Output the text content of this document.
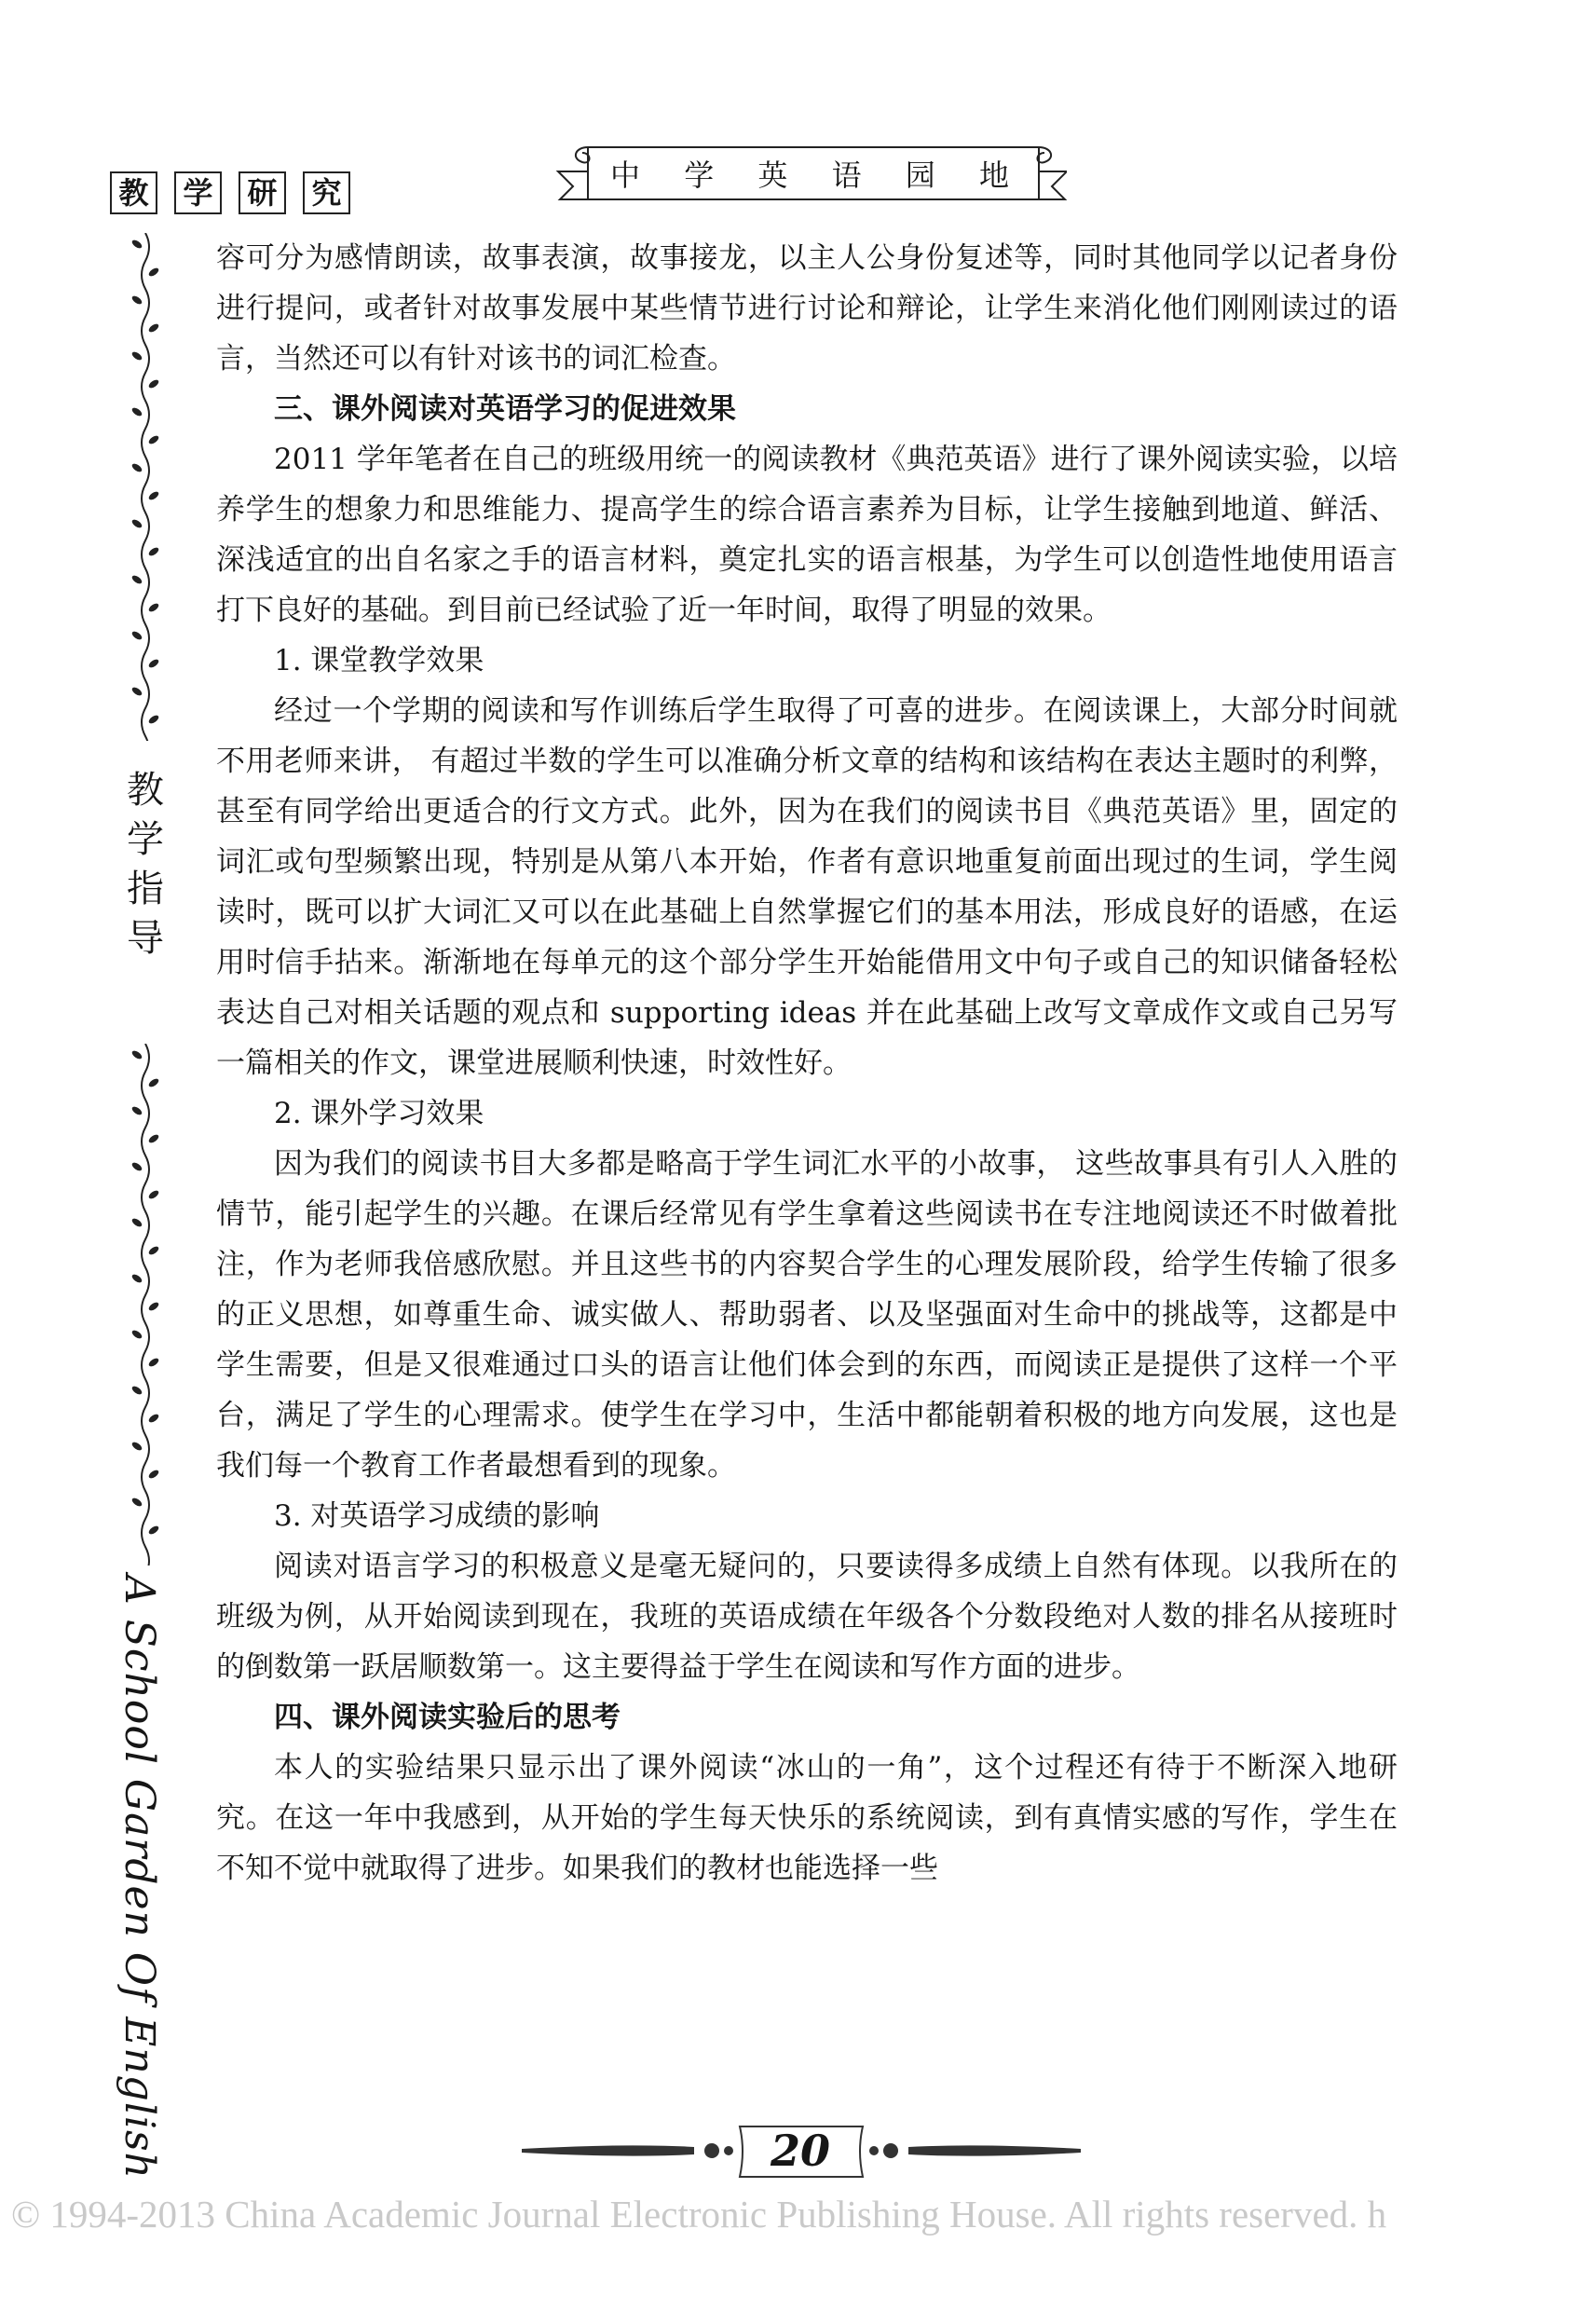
教 学 研 究	中 学 英 语 园 地
教
学
指
导
A School Garden Of English

容可分为感情朗读，故事表演，故事接龙，以主人公身份复述等，同时其他同学以记者身份进行提问，或者针对故事发展中某些情节进行讨论和辩论，让学生来消化他们刚刚读过的语言，当然还可以有针对该书的词汇检查。

三、课外阅读对英语学习的促进效果

2011 学年笔者在自己的班级用统一的阅读教材《典范英语》进行了课外阅读实验，以培养学生的想象力和思维能力、提高学生的综合语言素养为目标，让学生接触到地道、鲜活、深浅适宜的出自名家之手的语言材料，奠定扎实的语言根基，为学生可以创造性地使用语言打下良好的基础。到目前已经试验了近一年时间，取得了明显的效果。

1. 课堂教学效果

经过一个学期的阅读和写作训练后学生取得了可喜的进步。在阅读课上，大部分时间就不用老师来讲， 有超过半数的学生可以准确分析文章的结构和该结构在表达主题时的利弊，甚至有同学给出更适合的行文方式。此外，因为在我们的阅读书目《典范英语》里，固定的词汇或句型频繁出现，特别是从第八本开始，作者有意识地重复前面出现过的生词，学生阅读时，既可以扩大词汇又可以在此基础上自然掌握它们的基本用法，形成良好的语感，在运用时信手拈来。渐渐地在每单元的这个部分学生开始能借用文中句子或自己的知识储备轻松表达自己对相关话题的观点和 supporting ideas 并在此基础上改写文章成作文或自己另写一篇相关的作文，课堂进展顺利快速，时效性好。

2. 课外学习效果

因为我们的阅读书目大多都是略高于学生词汇水平的小故事， 这些故事具有引人入胜的情节，能引起学生的兴趣。在课后经常见有学生拿着这些阅读书在专注地阅读还不时做着批注，作为老师我倍感欣慰。并且这些书的内容契合学生的心理发展阶段，给学生传输了很多的正义思想，如尊重生命、诚实做人、帮助弱者、以及坚强面对生命中的挑战等，这都是中学生需要，但是又很难通过口头的语言让他们体会到的东西，而阅读正是提供了这样一个平台，满足了学生的心理需求。使学生在学习中，生活中都能朝着积极的地方向发展，这也是我们每一个教育工作者最想看到的现象。

3. 对英语学习成绩的影响

阅读对语言学习的积极意义是毫无疑问的，只要读得多成绩上自然有体现。以我所在的班级为例，从开始阅读到现在，我班的英语成绩在年级各个分数段绝对人数的排名从接班时的倒数第一跃居顺数第一。这主要得益于学生在阅读和写作方面的进步。

四、课外阅读实验后的思考

本人的实验结果只显示出了课外阅读“冰山的一角”，这个过程还有待于不断深入地研究。在这一年中我感到，从开始的学生每天快乐的系统阅读，到有真情实感的写作，学生在不知不觉中就取得了进步。如果我们的教材也能选择一些

20
© 1994-2013 China Academic Journal Electronic Publishing House. All rights reserved. h
